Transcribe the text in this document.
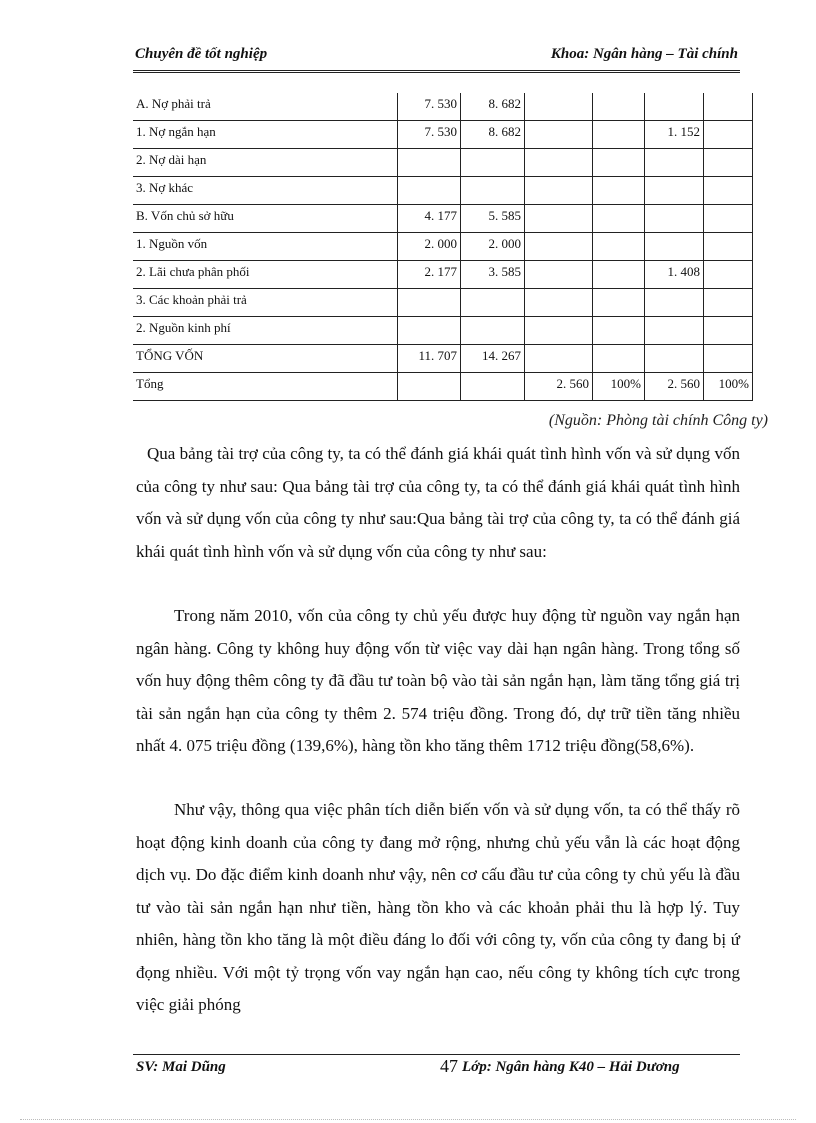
Chuyên đề tốt nghiệp	Khoa: Ngân hàng – Tài chính
A. Nợ phải trả	7. 530	8. 682				
1. Nợ ngắn hạn	7. 530	8. 682			1. 152	
2. Nợ dài hạn						
3. Nợ khác						
B. Vốn chủ sở hữu	4. 177	5. 585				
1. Nguồn vốn	2. 000	2. 000				
2. Lãi chưa phân phối	2. 177	3. 585			1. 408	
3. Các khoản phải trả						
2. Nguồn kinh phí						
TỔNG VỐN	11. 707	14. 267				
Tổng			2. 560	100%	2. 560	100%
(Nguồn: Phòng tài chính Công ty)

Qua bảng tài trợ của công ty, ta có thể đánh giá khái quát tình hình vốn và sử dụng vốn của công ty như sau: Qua bảng tài trợ của công ty, ta có thể đánh giá khái quát tình hình vốn và sử dụng vốn của công ty như sau:Qua bảng tài trợ của công ty, ta có thể đánh giá khái quát tình hình vốn và sử dụng vốn của công ty như sau:

Trong năm 2010, vốn của công ty chủ yếu được huy động từ nguồn vay ngắn hạn ngân hàng. Công ty không huy động vốn từ việc vay dài hạn ngân hàng. Trong tổng số vốn huy động thêm công ty đã đầu tư toàn bộ vào tài sản ngắn hạn, làm tăng tổng giá trị tài sản ngắn hạn của công ty thêm 2. 574 triệu đồng. Trong đó, dự trữ tiền tăng nhiều nhất 4. 075 triệu đồng (139,6%), hàng tồn kho tăng thêm 1712 triệu đồng(58,6%).

Như vậy, thông qua việc phân tích diễn biến vốn và sử dụng vốn, ta có thể thấy rõ hoạt động kinh doanh của công ty đang mở rộng, nhưng chủ yếu vẫn là các hoạt động dịch vụ. Do đặc điểm kinh doanh như vậy, nên cơ cấu đầu tư của công ty chủ yếu là đầu tư vào tài sản ngắn hạn như tiền, hàng tồn kho và các khoản phải thu là hợp lý. Tuy nhiên, hàng tồn kho tăng là một điều đáng lo đối với công ty, vốn của công ty đang bị ứ đọng nhiều. Với một tỷ trọng vốn vay ngắn hạn cao, nếu công ty không tích cực trong việc giải phóng

SV: Mai Dũng	47 Lớp: Ngân hàng K40 – Hải Dương
